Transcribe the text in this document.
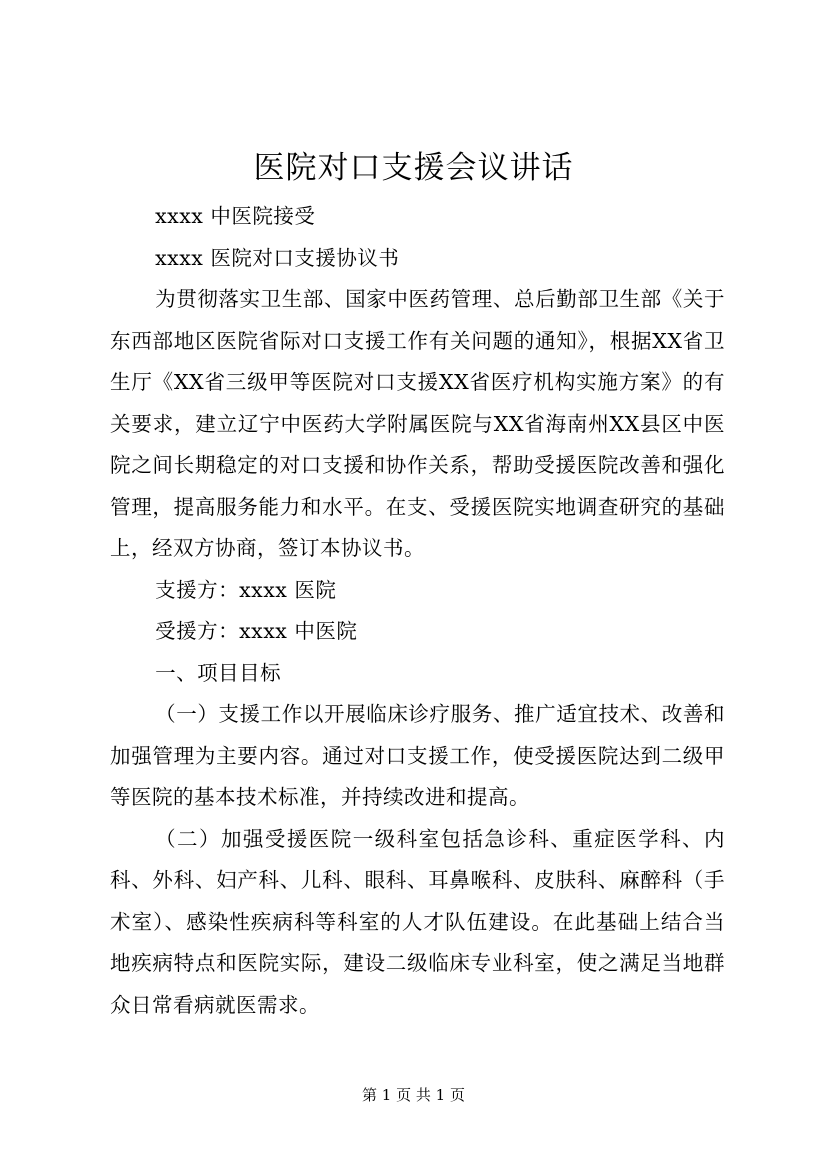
医院对口支援会议讲话

xxxx 中医院接受

xxxx 医院对口支援协议书

为贯彻落实卫生部、国家中医药管理、总后勤部卫生部《关于东西部地区医院省际对口支援工作有关问题的通知》，根据XX省卫生厅《XX省三级甲等医院对口支援XX省医疗机构实施方案》的有关要求，建立辽宁中医药大学附属医院与XX省海南州XX县区中医院之间长期稳定的对口支援和协作关系，帮助受援医院改善和强化管理，提高服务能力和水平。在支、受援医院实地调查研究的基础上，经双方协商，签订本协议书。

支援方：xxxx 医院

受援方：xxxx 中医院

一、项目目标

（一）支援工作以开展临床诊疗服务、推广适宜技术、改善和加强管理为主要内容。通过对口支援工作，使受援医院达到二级甲等医院的基本技术标准，并持续改进和提高。

（二）加强受援医院一级科室包括急诊科、重症医学科、内科、外科、妇产科、儿科、眼科、耳鼻喉科、皮肤科、麻醉科（手术室）、感染性疾病科等科室的人才队伍建设。在此基础上结合当地疾病特点和医院实际，建设二级临床专业科室，使之满足当地群众日常看病就医需求。

第 1 页 共 1 页
